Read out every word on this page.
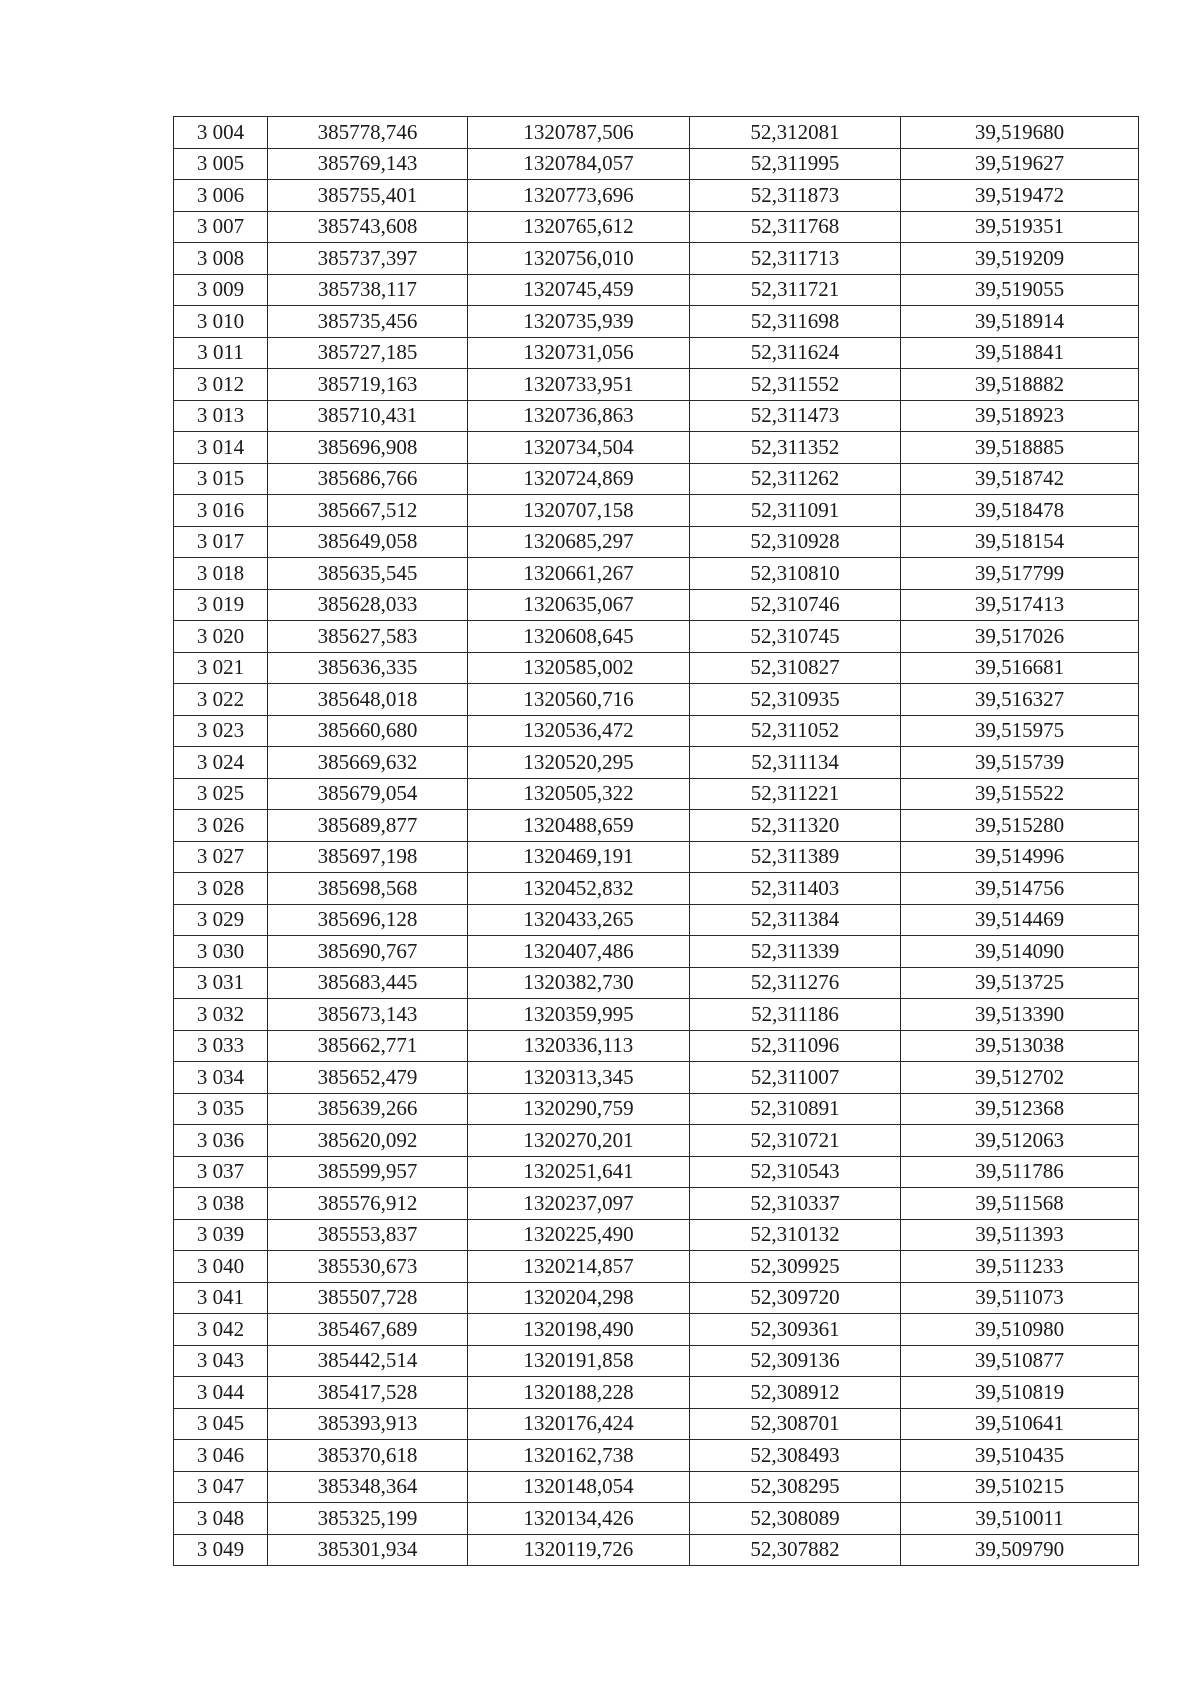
3 004	385778,746	1320787,506	52,312081	39,519680
3 005	385769,143	1320784,057	52,311995	39,519627
3 006	385755,401	1320773,696	52,311873	39,519472
3 007	385743,608	1320765,612	52,311768	39,519351
3 008	385737,397	1320756,010	52,311713	39,519209
3 009	385738,117	1320745,459	52,311721	39,519055
3 010	385735,456	1320735,939	52,311698	39,518914
3 011	385727,185	1320731,056	52,311624	39,518841
3 012	385719,163	1320733,951	52,311552	39,518882
3 013	385710,431	1320736,863	52,311473	39,518923
3 014	385696,908	1320734,504	52,311352	39,518885
3 015	385686,766	1320724,869	52,311262	39,518742
3 016	385667,512	1320707,158	52,311091	39,518478
3 017	385649,058	1320685,297	52,310928	39,518154
3 018	385635,545	1320661,267	52,310810	39,517799
3 019	385628,033	1320635,067	52,310746	39,517413
3 020	385627,583	1320608,645	52,310745	39,517026
3 021	385636,335	1320585,002	52,310827	39,516681
3 022	385648,018	1320560,716	52,310935	39,516327
3 023	385660,680	1320536,472	52,311052	39,515975
3 024	385669,632	1320520,295	52,311134	39,515739
3 025	385679,054	1320505,322	52,311221	39,515522
3 026	385689,877	1320488,659	52,311320	39,515280
3 027	385697,198	1320469,191	52,311389	39,514996
3 028	385698,568	1320452,832	52,311403	39,514756
3 029	385696,128	1320433,265	52,311384	39,514469
3 030	385690,767	1320407,486	52,311339	39,514090
3 031	385683,445	1320382,730	52,311276	39,513725
3 032	385673,143	1320359,995	52,311186	39,513390
3 033	385662,771	1320336,113	52,311096	39,513038
3 034	385652,479	1320313,345	52,311007	39,512702
3 035	385639,266	1320290,759	52,310891	39,512368
3 036	385620,092	1320270,201	52,310721	39,512063
3 037	385599,957	1320251,641	52,310543	39,511786
3 038	385576,912	1320237,097	52,310337	39,511568
3 039	385553,837	1320225,490	52,310132	39,511393
3 040	385530,673	1320214,857	52,309925	39,511233
3 041	385507,728	1320204,298	52,309720	39,511073
3 042	385467,689	1320198,490	52,309361	39,510980
3 043	385442,514	1320191,858	52,309136	39,510877
3 044	385417,528	1320188,228	52,308912	39,510819
3 045	385393,913	1320176,424	52,308701	39,510641
3 046	385370,618	1320162,738	52,308493	39,510435
3 047	385348,364	1320148,054	52,308295	39,510215
3 048	385325,199	1320134,426	52,308089	39,510011
3 049	385301,934	1320119,726	52,307882	39,509790
